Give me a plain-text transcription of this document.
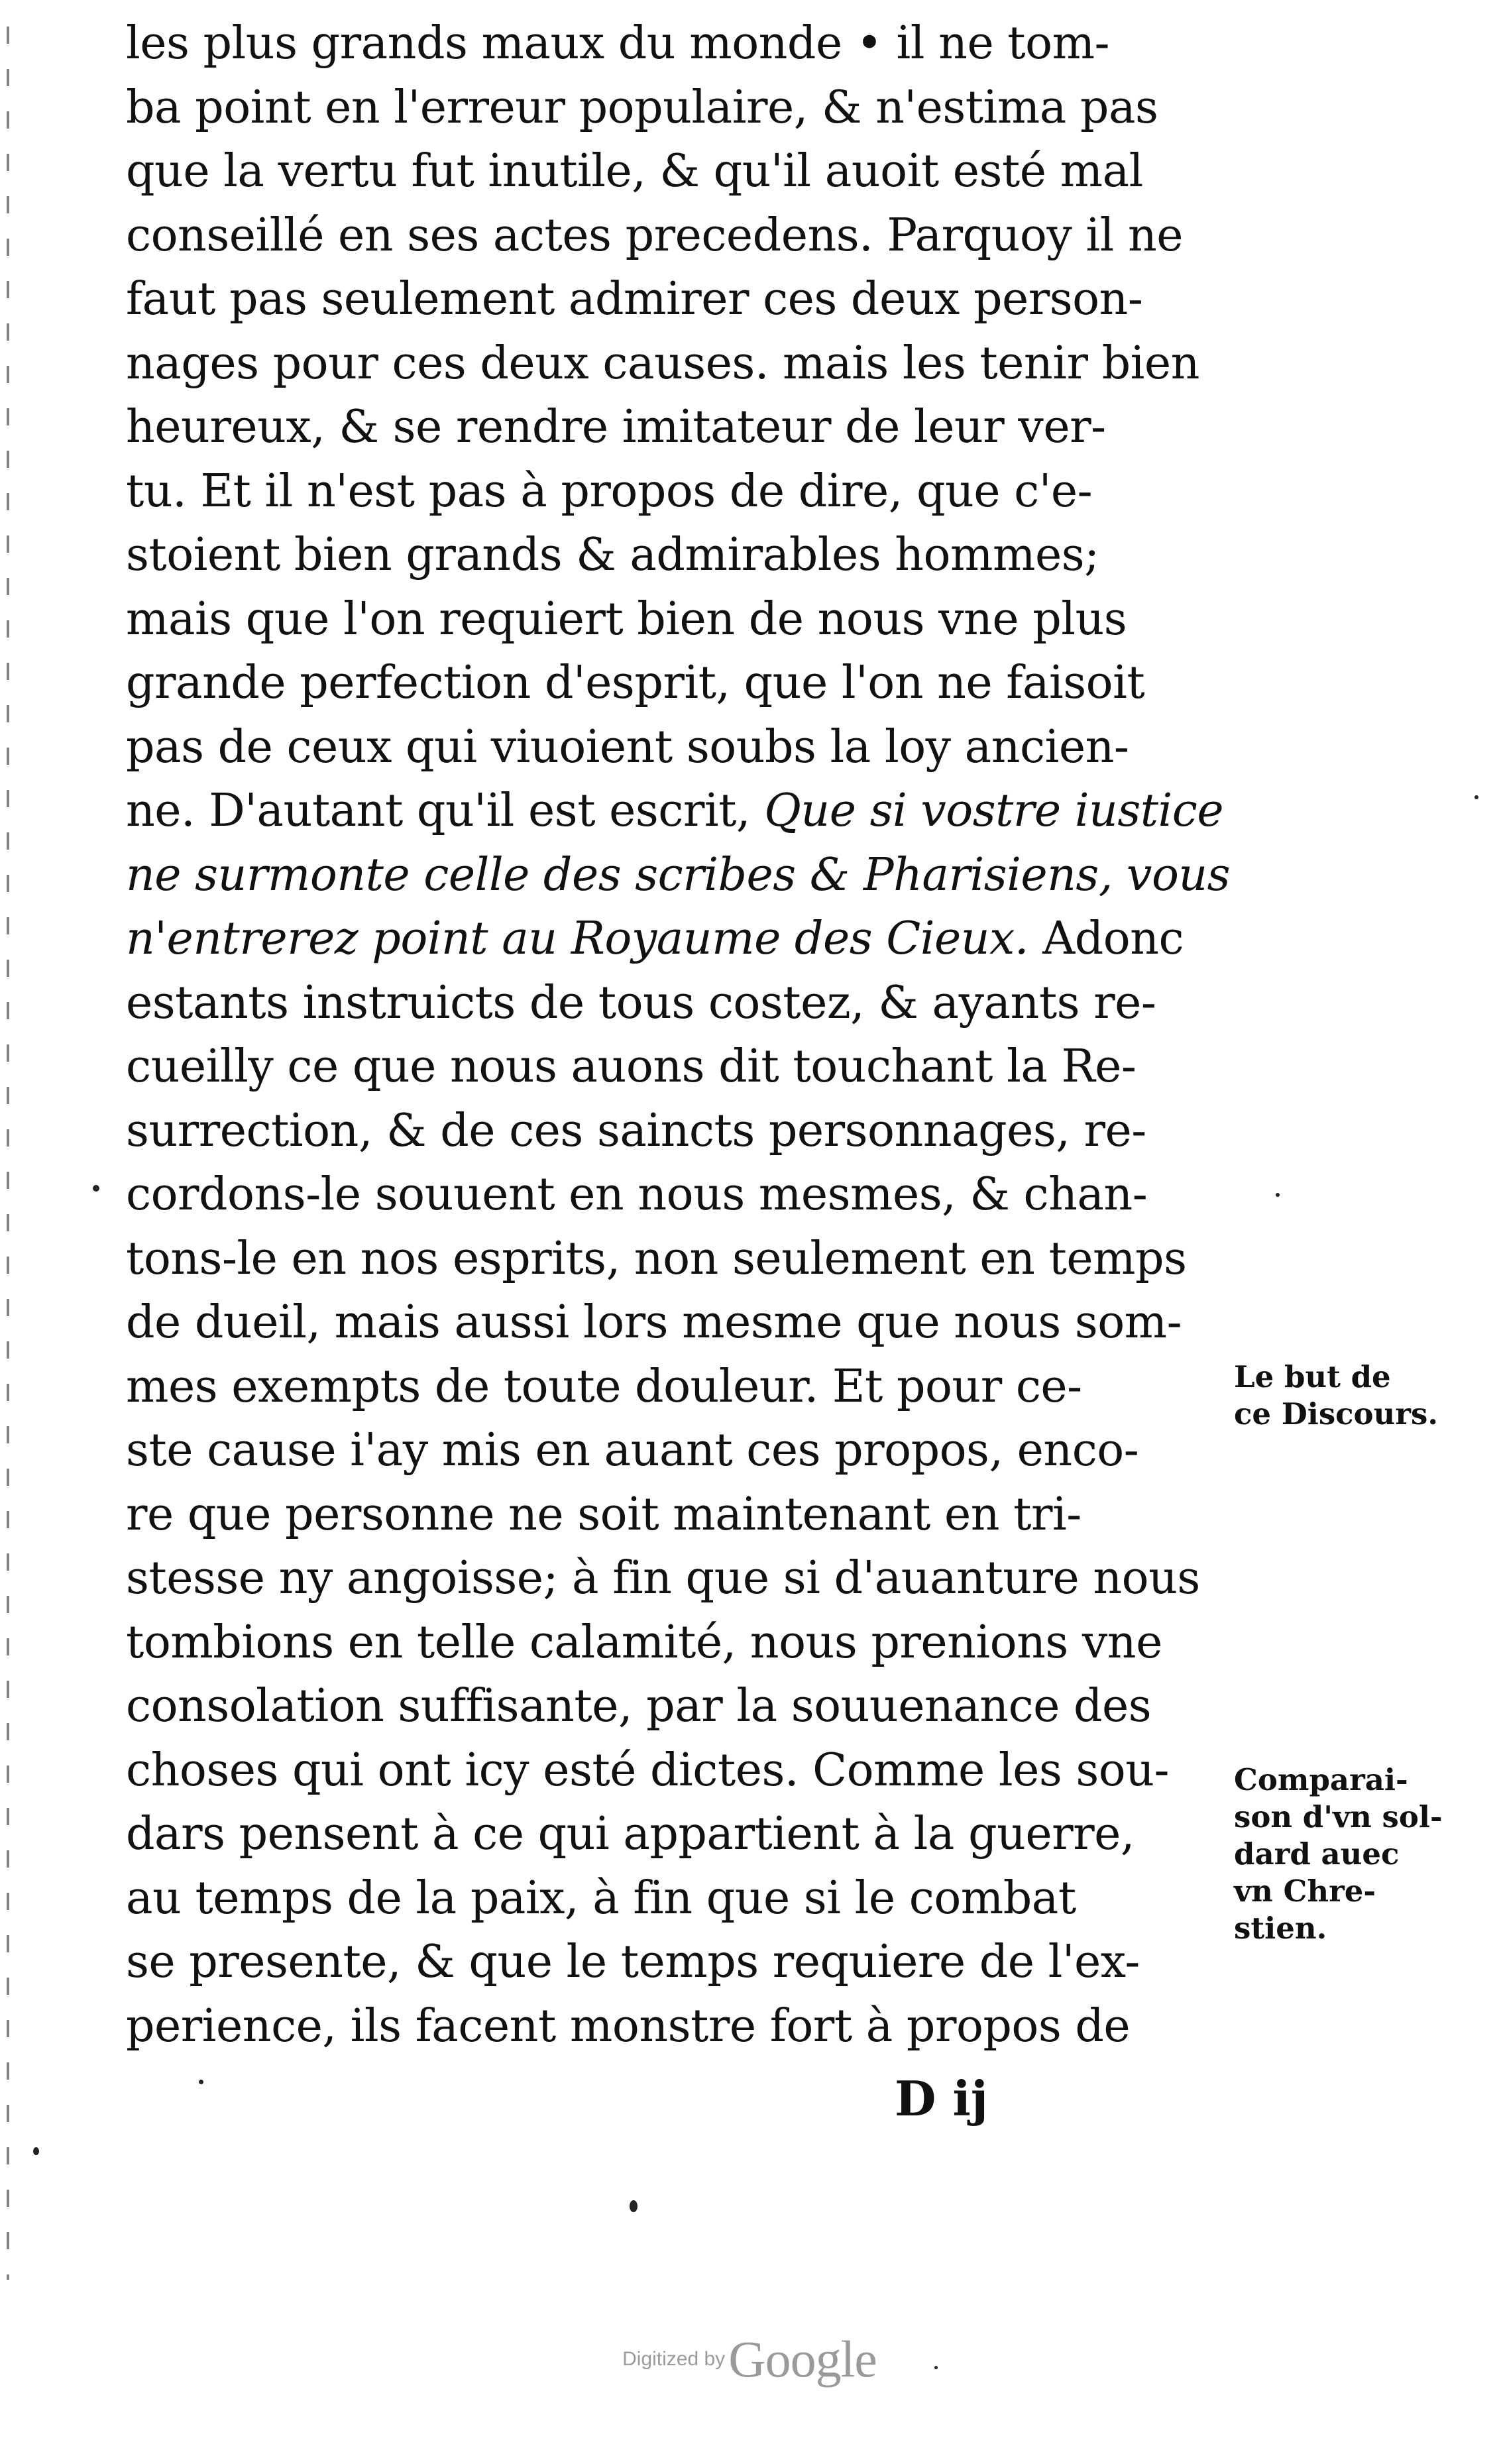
les plus grands maux du monde • il ne tom-
ba point en l'erreur populaire, & n'estima pas
que la vertu fut inutile, & qu'il auoit esté mal
conseillé en ses actes precedens. Parquoy il ne
faut pas seulement admirer ces deux person-
nages pour ces deux causes. mais les tenir bien
heureux, & se rendre imitateur de leur ver-
tu. Et il n'est pas à propos de dire, que c'e-
stoient bien grands & admirables hommes;
mais que l'on requiert bien de nous vne plus
grande perfection d'esprit, que l'on ne faisoit
pas de ceux qui viuoient soubs la loy ancien-
ne. D'autant qu'il est escrit, Que si vostre iustice
ne surmonte celle des scribes & Pharisiens, vous
n'entrerez point au Royaume des Cieux. Adonc
estants instruicts de tous costez, & ayants re-
cueilly ce que nous auons dit touchant la Re-
surrection, & de ces saincts personnages, re-
cordons-le souuent en nous mesmes, & chan-
tons-le en nos esprits, non seulement en temps
de dueil, mais aussi lors mesme que nous som-
mes exempts de toute douleur. Et pour ce-
ste cause i'ay mis en auant ces propos, enco-
re que personne ne soit maintenant en tri-
stesse ny angoisse; à fin que si d'auanture nous
tombions en telle calamité, nous prenions vne
consolation suffisante, par la souuenance des
choses qui ont icy esté dictes. Comme les sou-
dars pensent à ce qui appartient à la guerre,
au temps de la paix, à fin que si le combat
se presente, & que le temps requiere de l'ex-
perience, ils facent monstre fort à propos de
Le but de
ce Discours.
Comparai-
son d'vn sol-
dard auec
vn Chre-
stien.
D ij
Digitized by Google
